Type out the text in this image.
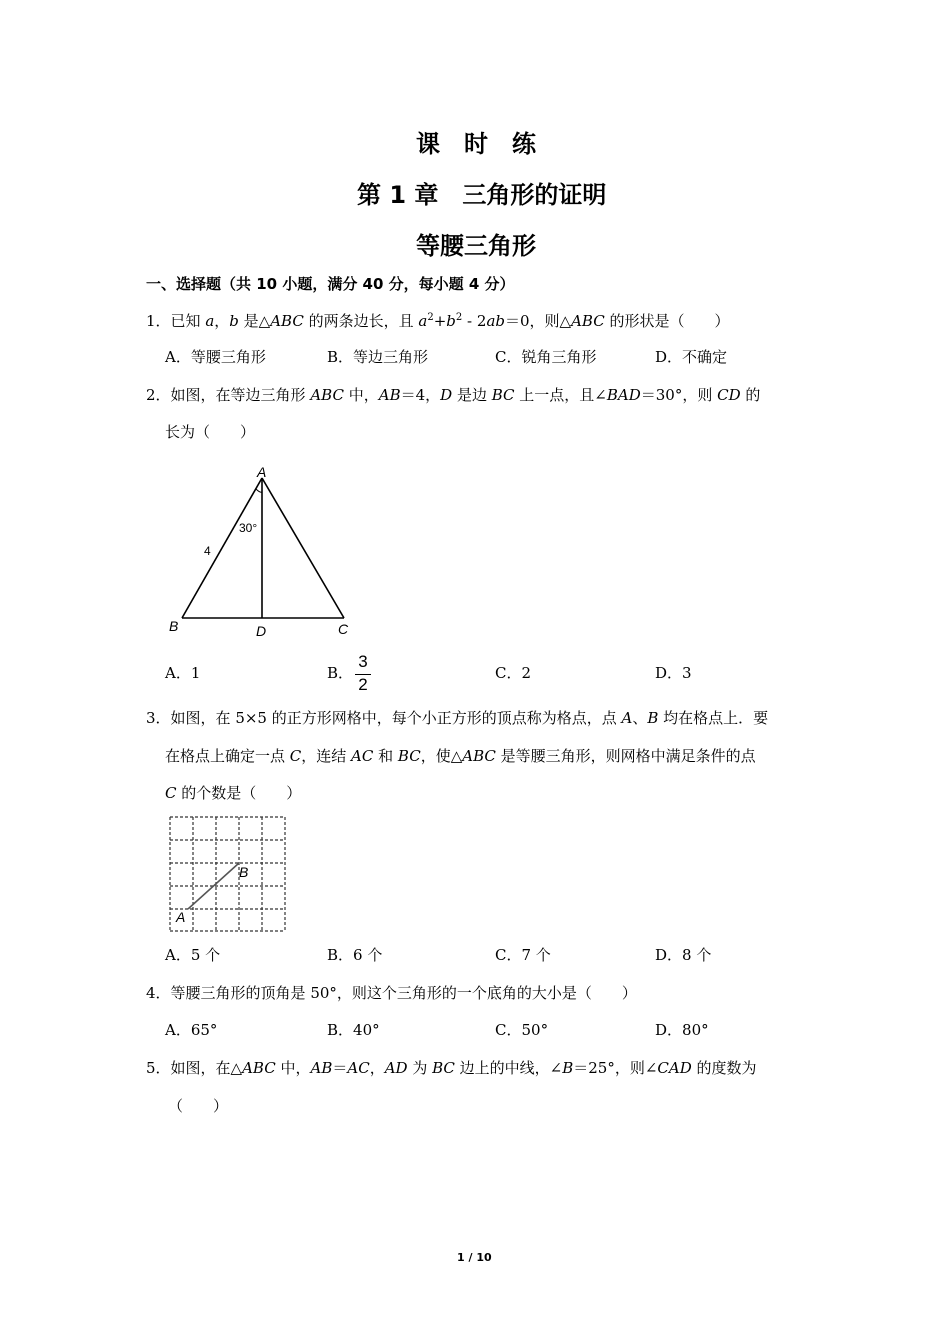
课　时　练
第 1 章　三角形的证明
等腰三角形
一、选择题（共 10 小题，满分 40 分，每小题 4 分）
1．已知 a，b 是△ABC 的两条边长，且 $a^2+b^2 - 2ab=0$，则△ABC 的形状是（　　）
A．等腰三角形	B．等边三角形	C．锐角三角形	D．不确定
2．如图，在等边三角形 ABC 中，AB＝4，D 是边 BC 上一点，且∠BAD＝30°，则 CD 的
长为（　　）
A
B	C
D
4
30°
A．1	B．
3
2
C．2	D．3
3．如图，在 5×5 的正方形网格中，每个小正方形的顶点称为格点，点 A、B 均在格点上．要
在格点上确定一点 C，连结 AC 和 BC，使△ABC 是等腰三角形，则网格中满足条件的点
C 的个数是（　　）
A
B
A．5 个	B．6 个	C．7 个	D．8 个
4．等腰三角形的顶角是 50°，则这个三角形的一个底角的大小是（　　）
A．65°	B．40°	C．50°	D．80°
5．如图，在△ABC 中，AB＝AC，AD 为 BC 边上的中线，∠B＝25°，则∠CAD 的度数为
（　　）
1 / 10
